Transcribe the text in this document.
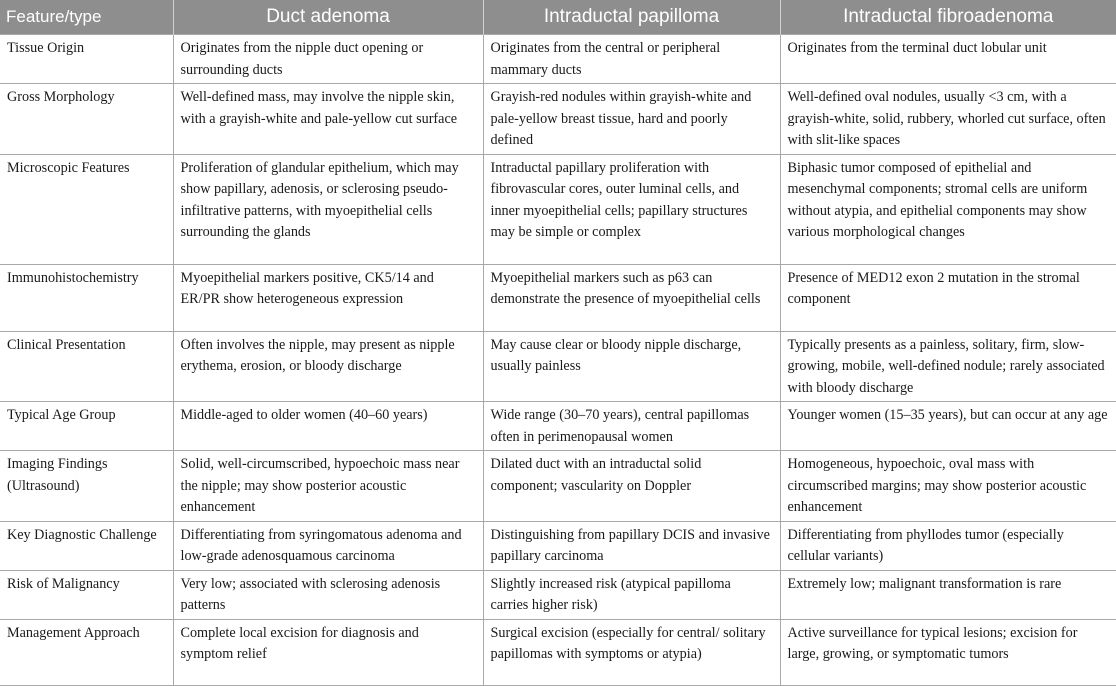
Feature/type	Duct adenoma	Intraductal papilloma	Intraductal fibroadenoma
Tissue Origin	Originates from the nipple duct opening or surrounding ducts	Originates from the central or peripheral mammary ducts	Originates from the terminal duct lobular unit
Gross Morphology	Well-defined mass, may involve the nipple skin, with a grayish-white and pale-yellow cut surface	Grayish-red nodules within grayish-white and pale-yellow breast tissue, hard and poorly defined	Well-defined oval nodules, usually <3 cm, with a grayish-white, solid, rubbery, whorled cut surface, often with slit-like spaces
Microscopic Features	Proliferation of glandular epithelium, which may show papillary, adenosis, or sclerosing pseudo-infiltrative patterns, with myoepithelial cells surrounding the glands	Intraductal papillary proliferation with fibrovascular cores, outer luminal cells, and inner myoepithelial cells; papillary structures may be simple or complex	Biphasic tumor composed of epithelial and mesenchymal components; stromal cells are uniform without atypia, and epithelial components may show various morphological changes
Immunohistochemistry	Myoepithelial markers positive, CK5/14 and ER/PR show heterogeneous expression	Myoepithelial markers such as p63 can demonstrate the presence of myoepithelial cells	Presence of MED12 exon 2 mutation in the stromal component
Clinical Presentation	Often involves the nipple, may present as nipple erythema, erosion, or bloody discharge	May cause clear or bloody nipple discharge, usually painless	Typically presents as a painless, solitary, firm, slow-growing, mobile, well-defined nodule; rarely associated with bloody discharge
Typical Age Group	Middle-aged to older women (40–60 years)	Wide range (30–70 years), central papillomas often in perimenopausal women	Younger women (15–35 years), but can occur at any age
Imaging Findings (Ultrasound)	Solid, well-circumscribed, hypoechoic mass near the nipple; may show posterior acoustic enhancement	Dilated duct with an intraductal solid component; vascularity on Doppler	Homogeneous, hypoechoic, oval mass with circumscribed margins; may show posterior acoustic enhancement
Key Diagnostic Challenge	Differentiating from syringomatous adenoma and low-grade adenosquamous carcinoma	Distinguishing from papillary DCIS and invasive papillary carcinoma	Differentiating from phyllodes tumor (especially cellular variants)
Risk of Malignancy	Very low; associated with sclerosing adenosis patterns	Slightly increased risk (atypical papilloma carries higher risk)	Extremely low; malignant transformation is rare
Management Approach	Complete local excision for diagnosis and symptom relief	Surgical excision (especially for central/ solitary papillomas with symptoms or atypia)	Active surveillance for typical lesions; excision for large, growing, or symptomatic tumors
